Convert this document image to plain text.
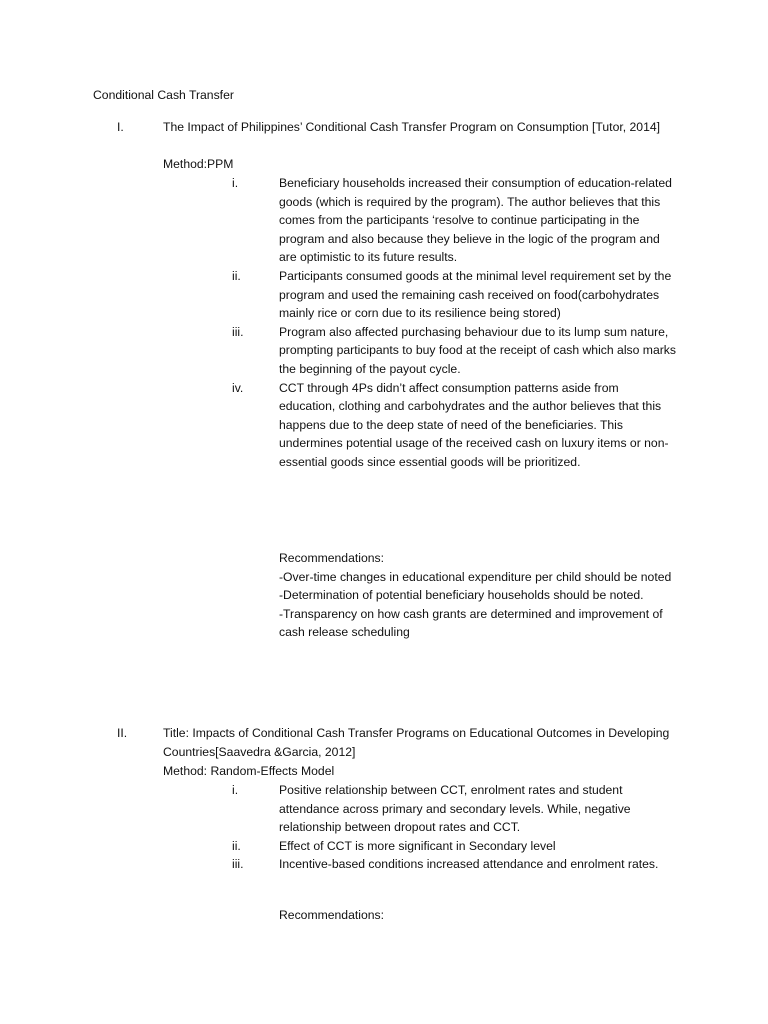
Conditional Cash Transfer
I.	The Impact of Philippines’ Conditional Cash Transfer Program on Consumption [Tutor, 2014]
Method:PPM
i.	Beneficiary households increased their consumption of education-related goods (which is required by the program). The author believes that this comes from the participants ‘resolve to continue participating in the program and also because they believe in the logic of the program and are optimistic to its future results.
ii.	Participants consumed goods at the minimal level requirement set by the program and used the remaining cash received on food(carbohydrates mainly rice or corn due to its resilience being stored)
iii.	Program also affected purchasing behaviour due to its lump sum nature, prompting participants to buy food at the receipt of cash which also marks the beginning of the payout cycle.
iv.	CCT through 4Ps didn’t affect consumption patterns aside from education, clothing and carbohydrates and the author believes that this happens due to the deep state of need of the beneficiaries. This undermines potential usage of the received cash on luxury items or non-essential goods since essential goods will be prioritized.
Recommendations:
-Over-time changes in educational expenditure per child should be noted
-Determination of potential beneficiary households should be noted.
-Transparency on how cash grants are determined and improvement of cash release scheduling
II.	Title: Impacts of Conditional Cash Transfer Programs on Educational Outcomes in Developing Countries[Saavedra &Garcia, 2012]
Method: Random-Effects Model
i.	Positive relationship between CCT, enrolment rates and student attendance across primary and secondary levels. While, negative relationship between dropout rates and CCT.
ii.	Effect of CCT is more significant in Secondary level
iii.	Incentive-based conditions increased attendance and enrolment rates.
Recommendations:
